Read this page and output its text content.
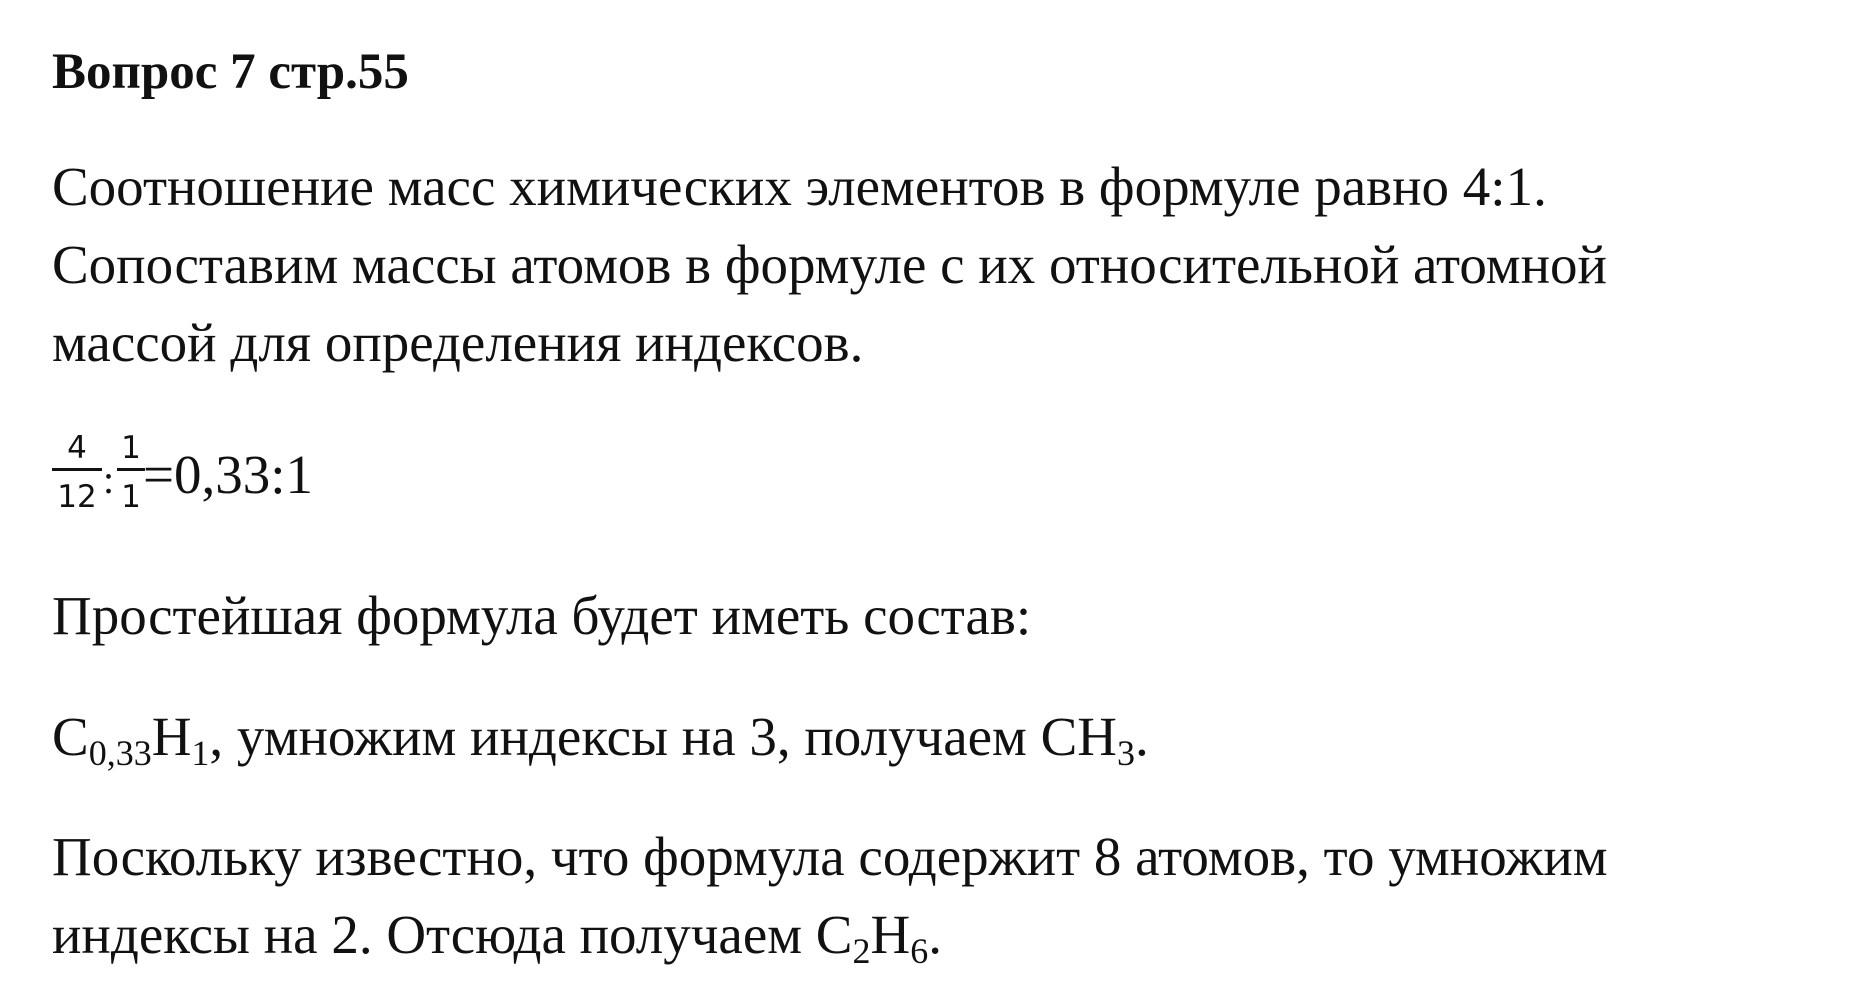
Вопрос 7 стр.55
Соотношение масс химических элементов в формуле равно 4:1.
Сопоставим массы атомов в формуле с их относительной атомной
массой для определения индексов.
4
12 :
1
1 =0,33:1
Простейшая формула будет иметь состав:
$C_{0,33}H_1$, умножим индексы на 3, получаем $CH_3$.
Поскольку известно, что формула содержит 8 атомов, то умножим
индексы на 2. Отсюда получаем $C_2H_6$.
